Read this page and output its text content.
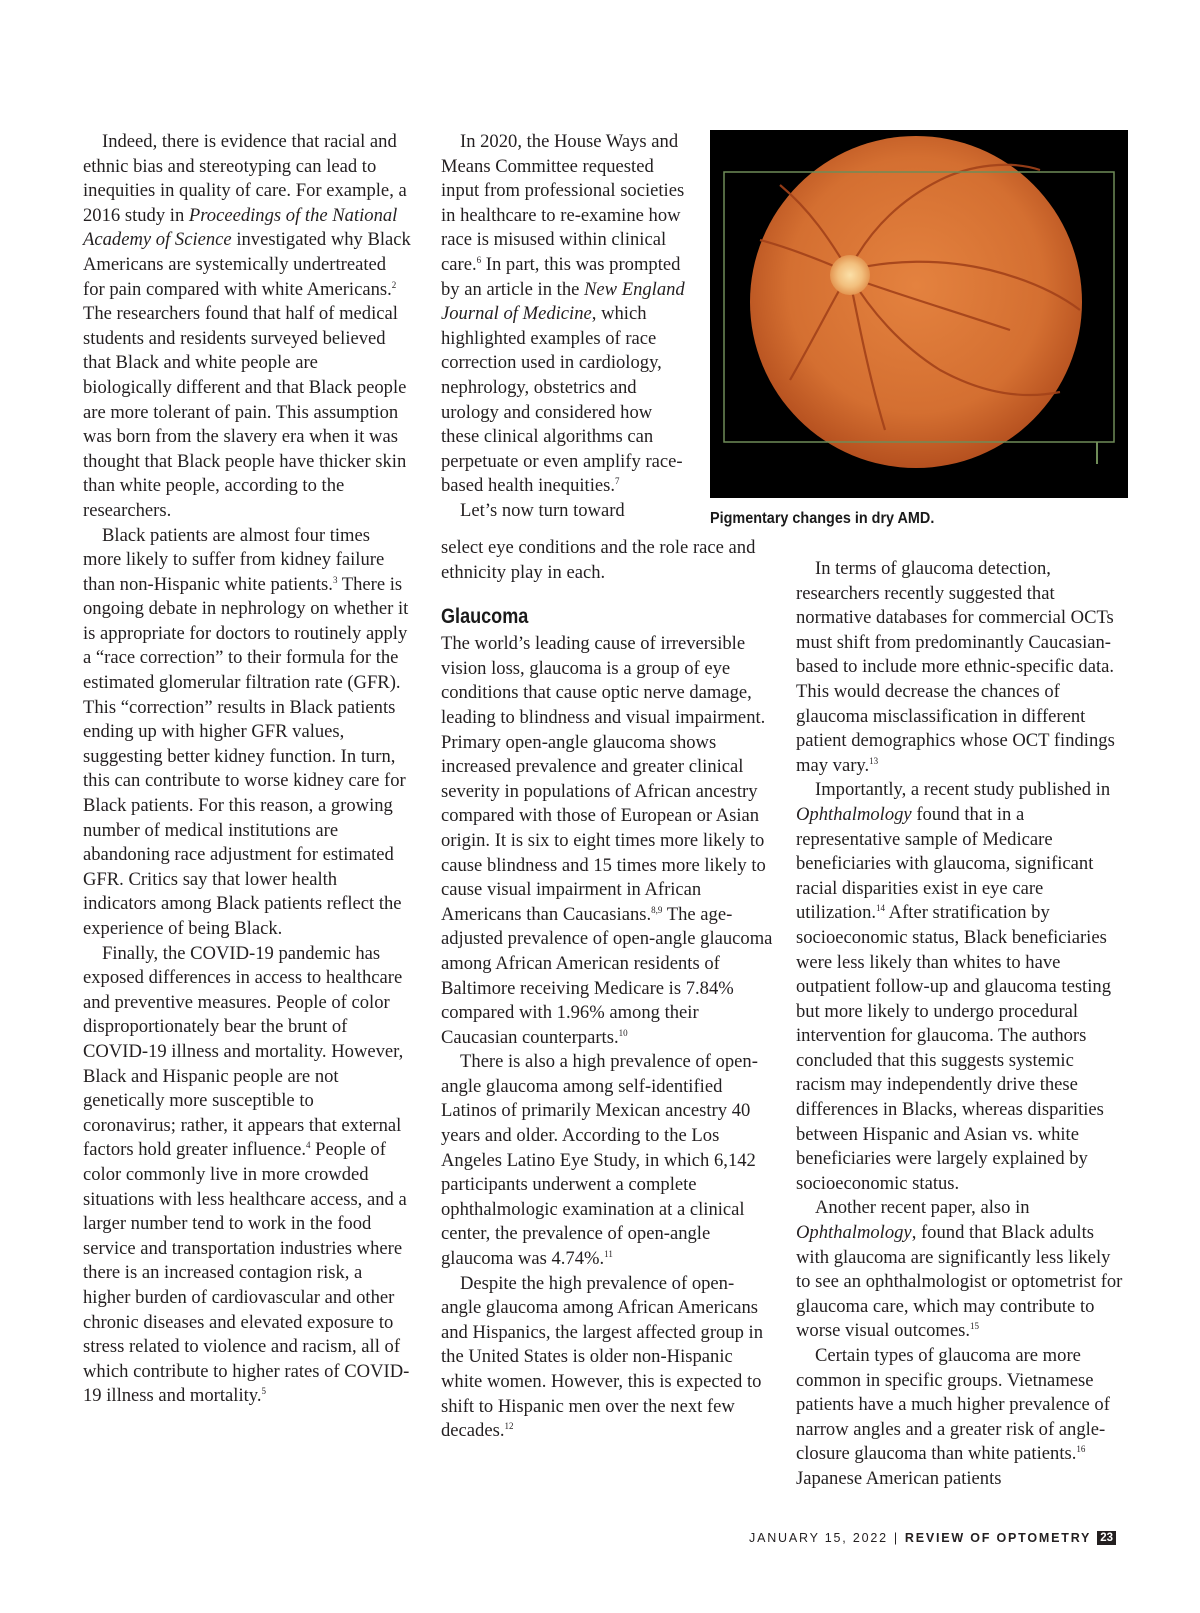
Indeed, there is evidence that racial and ethnic bias and stereotyping can lead to inequities in quality of care. For example, a 2016 study in Proceedings of the National Academy of Science investigated why Black Americans are systemically undertreated for pain compared with white Americans.$^2$ The researchers found that half of medical students and residents surveyed believed that Black and white people are biologically different and that Black people are more tolerant of pain. This assumption was born from the slavery era when it was thought that Black people have thicker skin than white people, according to the researchers.

Black patients are almost four times more likely to suffer from kidney failure than non-Hispanic white patients.$^3$ There is ongoing debate in nephrology on whether it is appropriate for doctors to routinely apply a “race correction” to their formula for the estimated glomerular filtration rate (GFR). This “correction” results in Black patients ending up with higher GFR values, suggesting better kidney function. In turn, this can contribute to worse kidney care for Black patients. For this reason, a growing number of medical institutions are abandoning race adjustment for estimated GFR. Critics say that lower health indicators among Black patients reflect the experience of being Black.

Finally, the COVID-19 pandemic has exposed differences in access to healthcare and preventive measures. People of color disproportionately bear the brunt of COVID-19 illness and mortality. However, Black and Hispanic people are not genetically more susceptible to coronavirus; rather, it appears that external factors hold greater influence.$^4$ People of color commonly live in more crowded situations with less healthcare access, and a larger number tend to work in the food service and transportation industries where there is an increased contagion risk, a higher burden of cardiovascular and other chronic diseases and elevated exposure to stress related to violence and racism, all of which contribute to higher rates of COVID-19 illness and mortality.$^5$

In 2020, the House Ways and Means Committee requested input from professional societies in healthcare to re-examine how race is misused within clinical care.$^6$ In part, this was prompted by an article in the New England Journal of Medicine, which highlighted examples of race correction used in cardiology, nephrology, obstetrics and urology and considered how these clinical algorithms can perpetuate or even amplify race-based health inequities.$^7$

Let’s now turn toward

select eye conditions and the role race and ethnicity play in each.

Glaucoma

The world’s leading cause of irreversible vision loss, glaucoma is a group of eye conditions that cause optic nerve damage, leading to blindness and visual impairment. Primary open-angle glaucoma shows increased prevalence and greater clinical severity in populations of African ancestry compared with those of European or Asian origin. It is six to eight times more likely to cause blindness and 15 times more likely to cause visual impairment in African Americans than Caucasians.$^{8,9}$ The age-adjusted prevalence of open-angle glaucoma among African American residents of Baltimore receiving Medicare is 7.84% compared with 1.96% among their Caucasian counterparts.$^{10}$

There is also a high prevalence of open-angle glaucoma among self-identified Latinos of primarily Mexican ancestry 40 years and older. According to the Los Angeles Latino Eye Study, in which 6,142 participants underwent a complete ophthalmologic examination at a clinical center, the prevalence of open-angle glaucoma was 4.74%.$^{11}$

Despite the high prevalence of open-angle glaucoma among African Americans and Hispanics, the largest affected group in the United States is older non-Hispanic white women. However, this is expected to shift to Hispanic men over the next few decades.$^{12}$

In terms of glaucoma detection, researchers recently suggested that normative databases for commercial OCTs must shift from predominantly Caucasian-based to include more ethnic-specific data. This would decrease the chances of glaucoma misclassification in different patient demographics whose OCT findings may vary.$^{13}$

Importantly, a recent study published in Ophthalmology found that in a representative sample of Medicare beneficiaries with glaucoma, significant racial disparities exist in eye care utilization.$^{14}$ After stratification by socioeconomic status, Black beneficiaries were less likely than whites to have outpatient follow-up and glaucoma testing but more likely to undergo procedural intervention for glaucoma. The authors concluded that this suggests systemic racism may independently drive these differences in Blacks, whereas disparities between Hispanic and Asian vs. white beneficiaries were largely explained by socioeconomic status.

Another recent paper, also in Ophthalmology, found that Black adults with glaucoma are significantly less likely to see an ophthalmologist or optometrist for glaucoma care, which may contribute to worse visual outcomes.$^{15}$

Certain types of glaucoma are more common in specific groups. Vietnamese patients have a much higher prevalence of narrow angles and a greater risk of angle-closure glaucoma than white patients.$^{16}$ Japanese American patients

Pigmentary changes in dry AMD.
JANUARY 15, 2022 | REVIEW OF OPTOMETRY 23
